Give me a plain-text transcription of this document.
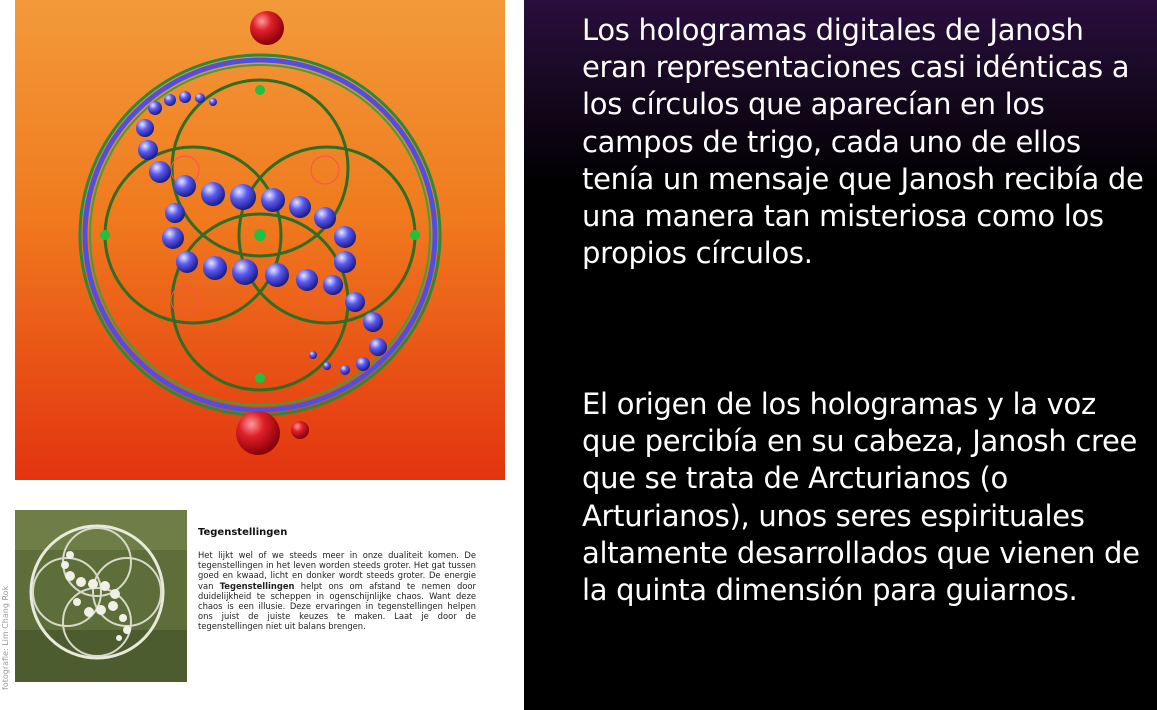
fotografie: Lim Chang Rok
Tegenstellingen
Het lijkt wel of we steeds meer in onze dualiteit komen. De tegenstellingen in het leven worden steeds groter. Het gat tussen goed en kwaad, licht en donker wordt steeds groter. De energie van Tegenstellingen helpt ons om afstand te nemen door duidelijkheid te scheppen in ogenschijnlijke chaos. Want deze chaos is een illusie. Deze ervaringen in tegenstellingen helpen ons juist de juiste keuzes te maken. Laat je door de tegenstellingen niet uit balans brengen.

Los hologramas digitales de Janosh eran representaciones casi idénticas a los círculos que aparecían en los campos de trigo, cada uno de ellos tenía un mensaje que Janosh recibía de una manera tan misteriosa como los propios círculos.

El origen de los hologramas y la voz que percibía en su cabeza, Janosh cree que se trata de Arcturianos (o Arturianos), unos seres espirituales altamente desarrollados que vienen de la quinta dimensión para guiarnos.
